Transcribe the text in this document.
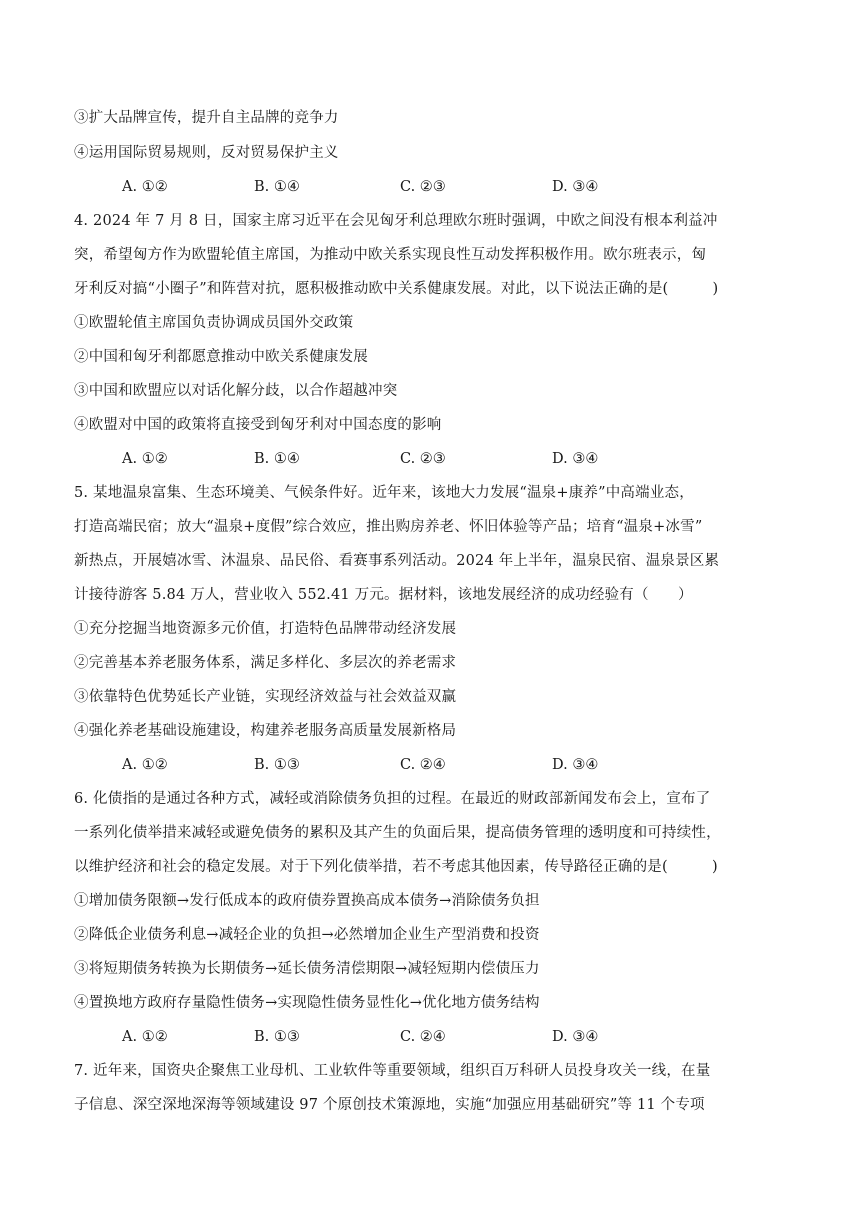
③扩大品牌宣传，提升自主品牌的竞争力
④运用国际贸易规则，反对贸易保护主义
A. ①②	B. ①④	C. ②③	D. ③④
4. 2024 年 7 月 8 日，国家主席习近平在会见匈牙利总理欧尔班时强调，中欧之间没有根本利益冲
突，希望匈方作为欧盟轮值主席国，为推动中欧关系实现良性互动发挥积极作用。欧尔班表示，匈
牙利反对搞“小圈子”和阵营对抗，愿积极推动欧中关系健康发展。对此，以下说法正确的是(　　　)
①欧盟轮值主席国负责协调成员国外交政策
②中国和匈牙利都愿意推动中欧关系健康发展
③中国和欧盟应以对话化解分歧，以合作超越冲突
④欧盟对中国的政策将直接受到匈牙利对中国态度的影响
A. ①②	B. ①④	C. ②③	D. ③④
5. 某地温泉富集、生态环境美、气候条件好。近年来，该地大力发展“温泉+康养”中高端业态，
打造高端民宿；放大“温泉+度假”综合效应，推出购房养老、怀旧体验等产品；培育“温泉+冰雪”
新热点，开展嬉冰雪、沐温泉、品民俗、看赛事系列活动。2024 年上半年，温泉民宿、温泉景区累
计接待游客 5.84 万人，营业收入 552.41 万元。据材料，该地发展经济的成功经验有（　　）
①充分挖掘当地资源多元价值，打造特色品牌带动经济发展
②完善基本养老服务体系，满足多样化、多层次的养老需求
③依靠特色优势延长产业链，实现经济效益与社会效益双赢
④强化养老基础设施建设，构建养老服务高质量发展新格局
A. ①②	B. ①③	C. ②④	D. ③④
6. 化债指的是通过各种方式，减轻或消除债务负担的过程。在最近的财政部新闻发布会上，宣布了
一系列化债举措来减轻或避免债务的累积及其产生的负面后果，提高债务管理的透明度和可持续性，
以维护经济和社会的稳定发展。对于下列化债举措，若不考虑其他因素，传导路径正确的是(　　　)
①增加债务限额→发行低成本的政府债券置换高成本债务→消除债务负担
②降低企业债务利息→减轻企业的负担→必然增加企业生产型消费和投资
③将短期债务转换为长期债务→延长债务清偿期限→减轻短期内偿债压力
④置换地方政府存量隐性债务→实现隐性债务显性化→优化地方债务结构
A. ①②	B. ①③	C. ②④	D. ③④
7. 近年来，国资央企聚焦工业母机、工业软件等重要领域，组织百万科研人员投身攻关一线，在量
子信息、深空深地深海等领域建设 97 个原创技术策源地，实施“加强应用基础研究”等 11 个专项
